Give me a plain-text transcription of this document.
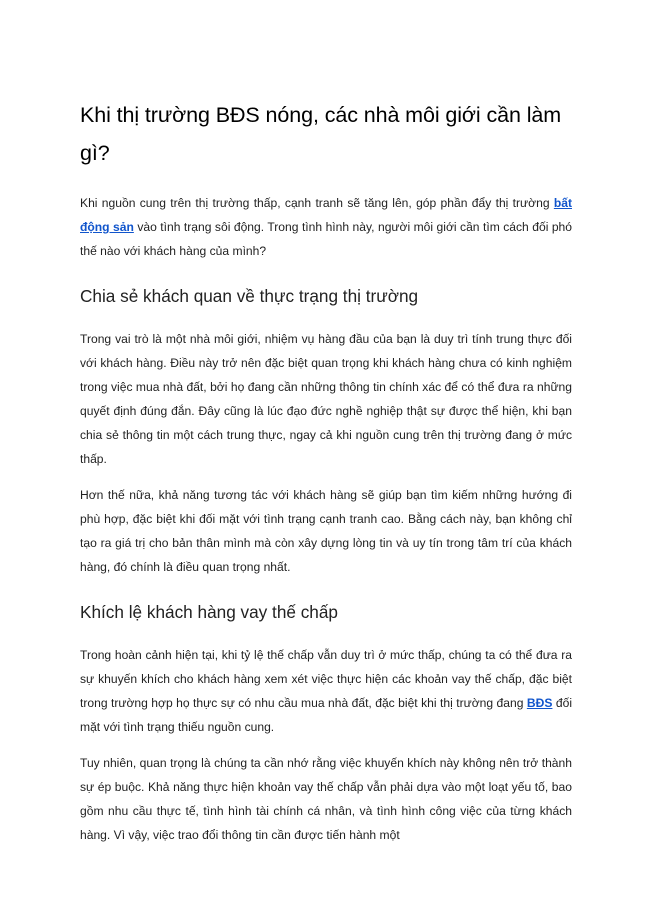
Khi thị trường BĐS nóng, các nhà môi giới cần làm gì?

Khi nguồn cung trên thị trường thấp, cạnh tranh sẽ tăng lên, góp phần đẩy thị trường bất động sản vào tình trạng sôi động. Trong tình hình này, người môi giới cần tìm cách đối phó thế nào với khách hàng của mình?

Chia sẻ khách quan về thực trạng thị trường

Trong vai trò là một nhà môi giới, nhiệm vụ hàng đầu của bạn là duy trì tính trung thực đối với khách hàng. Điều này trở nên đặc biệt quan trọng khi khách hàng chưa có kinh nghiệm trong việc mua nhà đất, bởi họ đang cần những thông tin chính xác để có thể đưa ra những quyết định đúng đắn. Đây cũng là lúc đạo đức nghề nghiệp thật sự được thể hiện, khi bạn chia sẻ thông tin một cách trung thực, ngay cả khi nguồn cung trên thị trường đang ở mức thấp.

Hơn thế nữa, khả năng tương tác với khách hàng sẽ giúp bạn tìm kiếm những hướng đi phù hợp, đặc biệt khi đối mặt với tình trạng cạnh tranh cao. Bằng cách này, bạn không chỉ tạo ra giá trị cho bản thân mình mà còn xây dựng lòng tin và uy tín trong tâm trí của khách hàng, đó chính là điều quan trọng nhất.

Khích lệ khách hàng vay thế chấp

Trong hoàn cảnh hiện tại, khi tỷ lệ thế chấp vẫn duy trì ở mức thấp, chúng ta có thể đưa ra sự khuyến khích cho khách hàng xem xét việc thực hiện các khoản vay thế chấp, đặc biệt trong trường hợp họ thực sự có nhu cầu mua nhà đất, đặc biệt khi thị trường đang BĐS đối mặt với tình trạng thiếu nguồn cung.

Tuy nhiên, quan trọng là chúng ta cần nhớ rằng việc khuyến khích này không nên trở thành sự ép buộc. Khả năng thực hiện khoản vay thế chấp vẫn phải dựa vào một loạt yếu tố, bao gồm nhu cầu thực tế, tình hình tài chính cá nhân, và tình hình công việc của từng khách hàng. Vì vậy, việc trao đổi thông tin cần được tiến hành một
